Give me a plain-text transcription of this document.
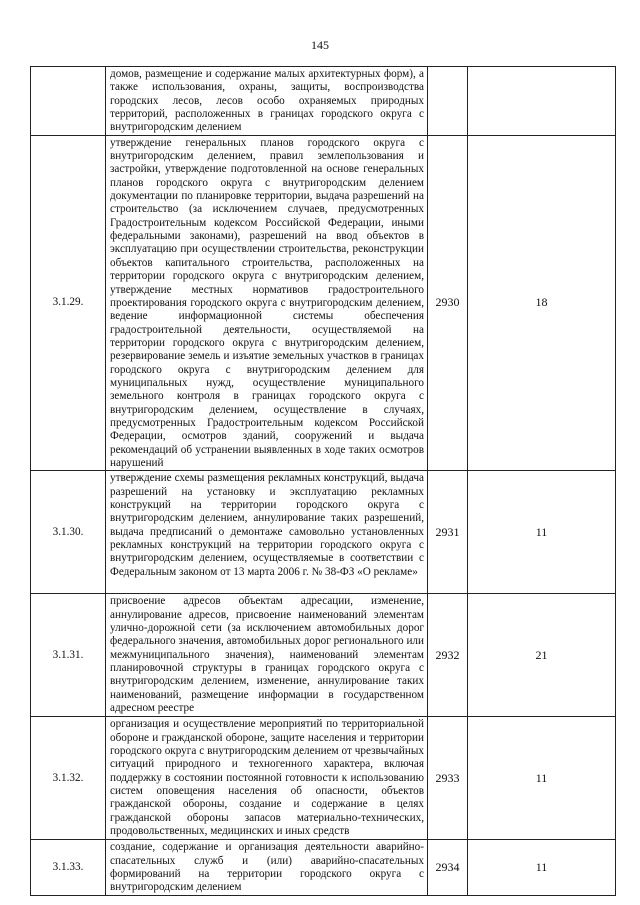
145
	домов, размещение и содержание малых архитектурных форм), а также использования, охраны, защиты, воспроизводства городских лесов, лесов особо охраняемых природных территорий, расположенных в границах городского округа с внутригородским делением		
3.1.29.	утверждение генеральных планов городского округа с внутригородским делением, правил землепользования и застройки, утверждение подготовленной на основе генеральных планов городского округа с внутригородским делением документации по планировке территории, выдача разрешений на строительство (за исключением случаев, предусмотренных Градостроительным кодексом Российской Федерации, иными федеральными законами), разрешений на ввод объектов в эксплуатацию при осуществлении строительства, реконструкции объектов капитального строительства, расположенных на территории городского округа с внутригородским делением, утверждение местных нормативов градостроительного проектирования городского округа с внутригородским делением, ведение информационной системы обеспечения градостроительной деятельности, осуществляемой на территории городского округа с внутригородским делением, резервирование земель и изъятие земельных участков в границах городского округа с внутригородским делением для муниципальных нужд, осуществление муниципального земельного контроля в границах городского округа с внутригородским делением, осуществление в случаях, предусмотренных Градостроительным кодексом Российской Федерации, осмотров зданий, сооружений и выдача рекомендаций об устранении выявленных в ходе таких осмотров нарушений	2930	18
3.1.30.	утверждение схемы размещения рекламных конструкций, выдача разрешений на установку и эксплуатацию рекламных конструкций на территории городского округа с внутригородским делением, аннулирование таких разрешений, выдача предписаний о демонтаже самовольно установленных рекламных конструкций на территории городского округа с внутригородским делением, осуществляемые в соответствии с Федеральным законом от 13 марта 2006 г. № 38-ФЗ «О рекламе»	2931	11
3.1.31.	присвоение адресов объектам адресации, изменение, аннулирование адресов, присвоение наименований элементам улично-дорожной сети (за исключением автомобильных дорог федерального значения, автомобильных дорог регионального или межмуниципального значения), наименований элементам планировочной структуры в границах городского округа с внутригородским делением, изменение, аннулирование таких наименований, размещение информации в государственном адресном реестре	2932	21
3.1.32.	организация и осуществление мероприятий по территориальной обороне и гражданской обороне, защите населения и территории городского округа с внутригородским делением от чрезвычайных ситуаций природного и техногенного характера, включая поддержку в состоянии постоянной готовности к использованию систем оповещения населения об опасности, объектов гражданской обороны, создание и содержание в целях гражданской обороны запасов материально-технических, продовольственных, медицинских и иных средств	2933	11
3.1.33.	создание, содержание и организация деятельности аварийно-спасательных служб и (или) аварийно-спасательных формирований на территории городского округа с внутригородским делением	2934	11
